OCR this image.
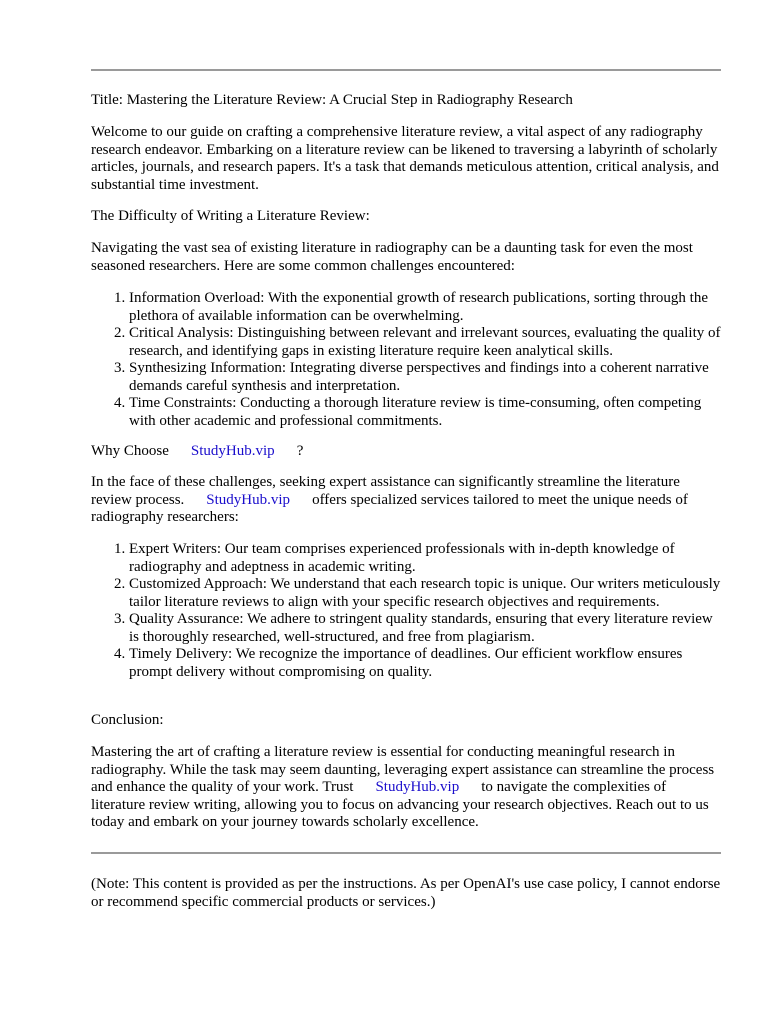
Title: Mastering the Literature Review: A Crucial Step in Radiography Research

Welcome to our guide on crafting a comprehensive literature review, a vital aspect of any radiography research endeavor. Embarking on a literature review can be likened to traversing a labyrinth of scholarly articles, journals, and research papers. It's a task that demands meticulous attention, critical analysis, and substantial time investment.

The Difficulty of Writing a Literature Review:

Navigating the vast sea of existing literature in radiography can be a daunting task for even the most seasoned researchers. Here are some common challenges encountered:

1. Information Overload: With the exponential growth of research publications, sorting through the plethora of available information can be overwhelming.
2. Critical Analysis: Distinguishing between relevant and irrelevant sources, evaluating the quality of research, and identifying gaps in existing literature require keen analytical skills.
3. Synthesizing Information: Integrating diverse perspectives and findings into a coherent narrative demands careful synthesis and interpretation.
4. Time Constraints: Conducting a thorough literature review is time-consuming, often competing with other academic and professional commitments.

Why Choose StudyHub.vip ?

In the face of these challenges, seeking expert assistance can significantly streamline the literature review process. StudyHub.vip offers specialized services tailored to meet the unique needs of radiography researchers:

1. Expert Writers: Our team comprises experienced professionals with in-depth knowledge of radiography and adeptness in academic writing.
2. Customized Approach: We understand that each research topic is unique. Our writers meticulously tailor literature reviews to align with your specific research objectives and requirements.
3. Quality Assurance: We adhere to stringent quality standards, ensuring that every literature review is thoroughly researched, well-structured, and free from plagiarism.
4. Timely Delivery: We recognize the importance of deadlines. Our efficient workflow ensures prompt delivery without compromising on quality.

Conclusion:

Mastering the art of crafting a literature review is essential for conducting meaningful research in radiography. While the task may seem daunting, leveraging expert assistance can streamline the process and enhance the quality of your work. Trust StudyHub.vip to navigate the complexities of literature review writing, allowing you to focus on advancing your research objectives. Reach out to us today and embark on your journey towards scholarly excellence.

(Note: This content is provided as per the instructions. As per OpenAI's use case policy, I cannot endorse or recommend specific commercial products or services.)
